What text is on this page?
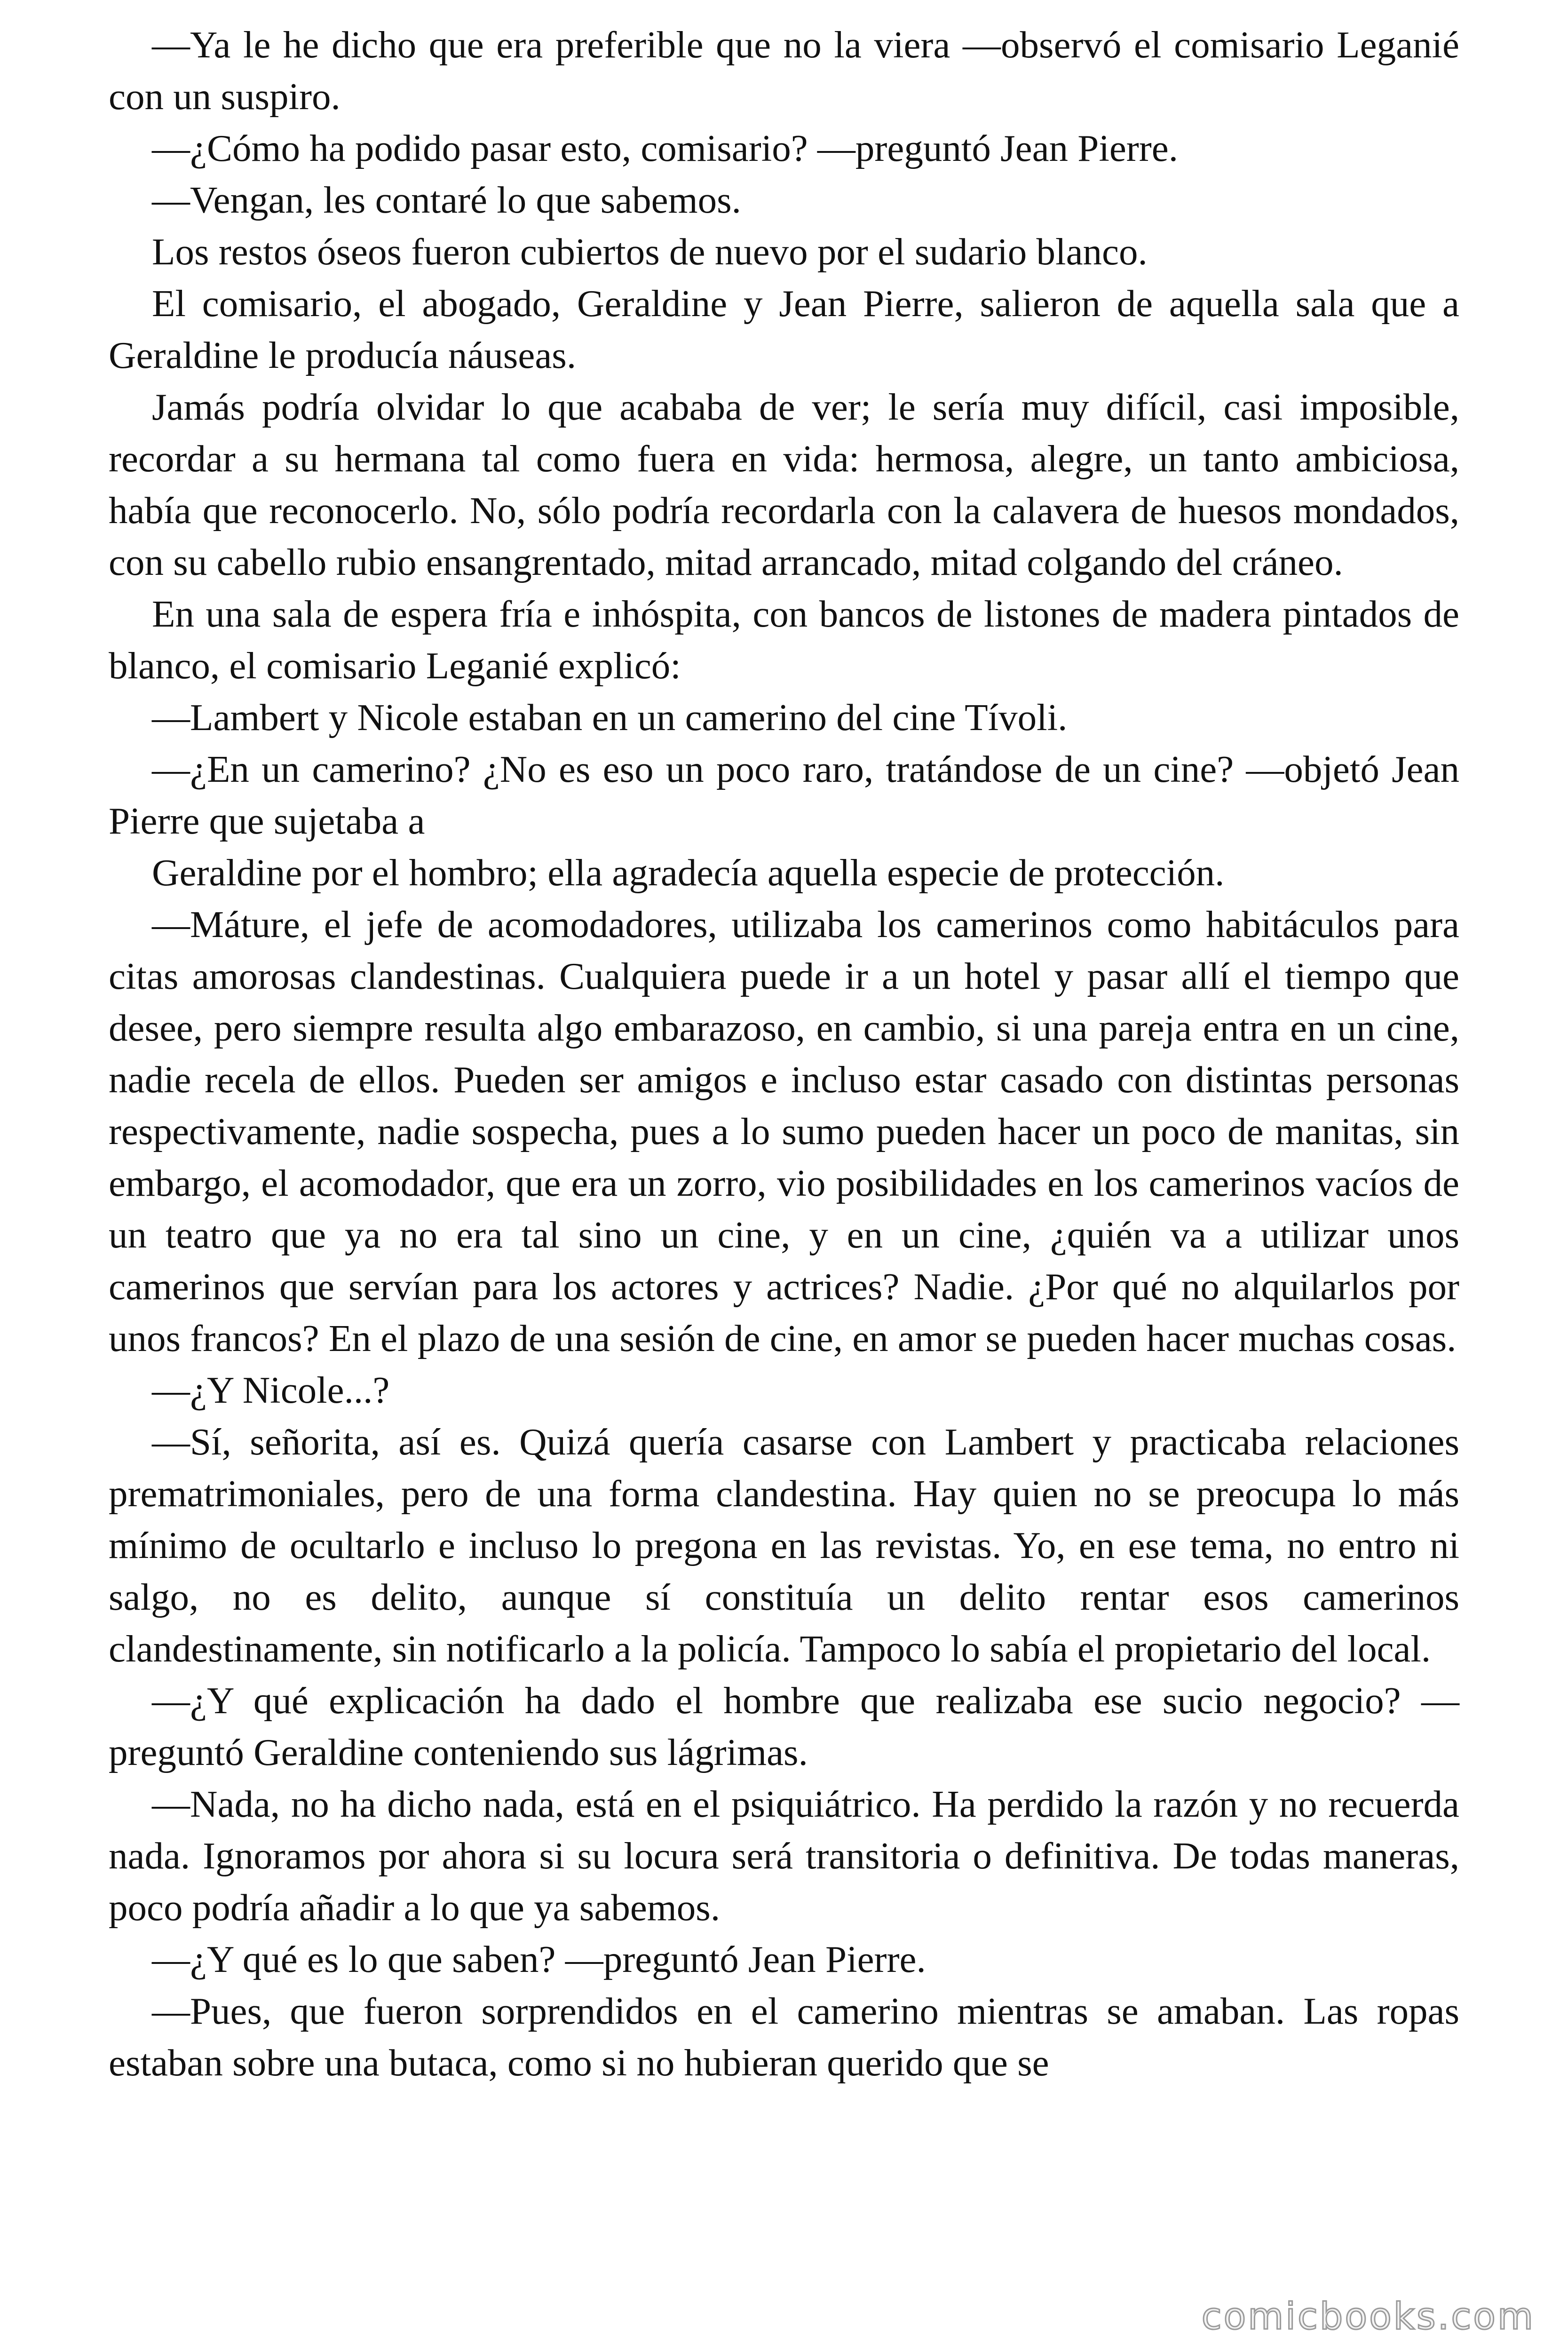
—Ya le he dicho que era preferible que no la viera —observó el comisario Leganié con un suspiro.

—¿Cómo ha podido pasar esto, comisario? —preguntó Jean Pierre.

—Vengan, les contaré lo que sabemos.

Los restos óseos fueron cubiertos de nuevo por el sudario blanco.

El comisario, el abogado, Geraldine y Jean Pierre, salieron de aquella sala que a Geraldine le producía náuseas.

Jamás podría olvidar lo que acababa de ver; le sería muy difícil, casi imposible, recordar a su hermana tal como fuera en vida: hermosa, alegre, un tanto ambiciosa, había que reconocerlo. No, sólo podría recordarla con la calavera de huesos mondados, con su cabello rubio ensangrentado, mitad arrancado, mitad colgando del cráneo.

En una sala de espera fría e inhóspita, con bancos de listones de madera pintados de blanco, el comisario Leganié explicó:

—Lambert y Nicole estaban en un camerino del cine Tívoli.

—¿En un camerino? ¿No es eso un poco raro, tratándose de un cine? —objetó Jean Pierre que sujetaba a

Geraldine por el hombro; ella agradecía aquella especie de protección.

—Máture, el jefe de acomodadores, utilizaba los camerinos como habitáculos para citas amorosas clandestinas. Cualquiera puede ir a un hotel y pasar allí el tiempo que desee, pero siempre resulta algo embarazoso, en cambio, si una pareja entra en un cine, nadie recela de ellos. Pueden ser amigos e incluso estar casado con distintas personas respectivamente, nadie sospecha, pues a lo sumo pueden hacer un poco de manitas, sin embargo, el acomodador, que era un zorro, vio posibilidades en los camerinos vacíos de un teatro que ya no era tal sino un cine, y en un cine, ¿quién va a utilizar unos camerinos que servían para los actores y actrices? Nadie. ¿Por qué no alquilarlos por unos francos? En el plazo de una sesión de cine, en amor se pueden hacer muchas cosas.

—¿Y Nicole...?

—Sí, señorita, así es. Quizá quería casarse con Lambert y practicaba relaciones prematrimoniales, pero de una forma clandestina. Hay quien no se preocupa lo más mínimo de ocultarlo e incluso lo pregona en las revistas. Yo, en ese tema, no entro ni salgo, no es delito, aunque sí constituía un delito rentar esos camerinos clandestinamente, sin notificarlo a la policía. Tampoco lo sabía el propietario del local.

—¿Y qué explicación ha dado el hombre que realizaba ese sucio negocio? —preguntó Geraldine conteniendo sus lágrimas.

—Nada, no ha dicho nada, está en el psiquiátrico. Ha perdido la razón y no recuerda nada. Ignoramos por ahora si su locura será transitoria o definitiva. De todas maneras, poco podría añadir a lo que ya sabemos.

—¿Y qué es lo que saben? —preguntó Jean Pierre.

—Pues, que fueron sorprendidos en el camerino mientras se amaban. Las ropas estaban sobre una butaca, como si no hubieran querido que se

comicbooks.com
